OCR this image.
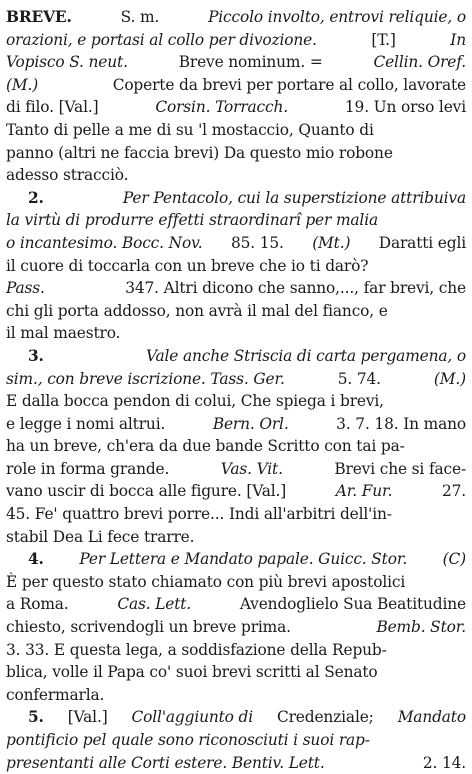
BREVE.	S. m.	Piccolo involto, entrovi reliquie, o
orazioni, e portasi al collo per divozione.	[T.]	In
Vopisco S. neut.	Breve nominum. =	Cellin. Oref.
(M.)	Coperte da brevi per portare al collo, lavorate
di filo. [Val.]	Corsin. Torracch.	19. Un orso levi
Tanto di pelle a me di su 'l mostaccio, Quanto di
panno (altri ne faccia brevi) Da questo mio robone
adesso stracciò.
2.	Per Pentacolo, cui la superstizione attribuiva
la virtù di produrre effetti straordinarî per malia
o incantesimo. Bocc. Nov. 85. 15. (Mt.) Daratti egli
il cuore di toccarla con un breve che io ti darò?
Pass.	347. Altri dicono che sanno,..., far brevi, che
chi gli porta addosso, non avrà il mal del fianco, e
il mal maestro.
3.	Vale anche Striscia di carta pergamena, o
sim., con breve iscrizione. Tass. Ger.	5. 74.	(M.)
E dalla bocca pendon di colui, Che spiega i brevi,
e legge i nomi altrui.	Bern. Orl.	3. 7. 18. In mano
ha un breve, ch'era da due bande Scritto con tai pa-
role in forma grande.	Vas. Vit.	Brevi che si face-
vano uscir di bocca alle figure. [Val.]	Ar. Fur.	27.
45. Fe' quattro brevi porre... Indi all'arbitri dell'in-
stabil Dea Li fece trarre.
4. Per Lettera e Mandato papale. Guicc. Stor. (C)
È per questo stato chiamato con più brevi apostolici
a Roma.	Cas. Lett.	Avendoglielo Sua Beatitudine
chiesto, scrivendogli un breve prima.	Bemb. Stor.
3. 33. E questa lega, a soddisfazione della Repub-
blica, volle il Papa co' suoi brevi scritti al Senato
confermarla.
5. [Val.] Coll'aggiunto di Credenziale; Mandato
pontificio pel quale sono riconosciuti i suoi rap-
presentanti alle Corti estere. Bentiv. Lett.	2. 14.
